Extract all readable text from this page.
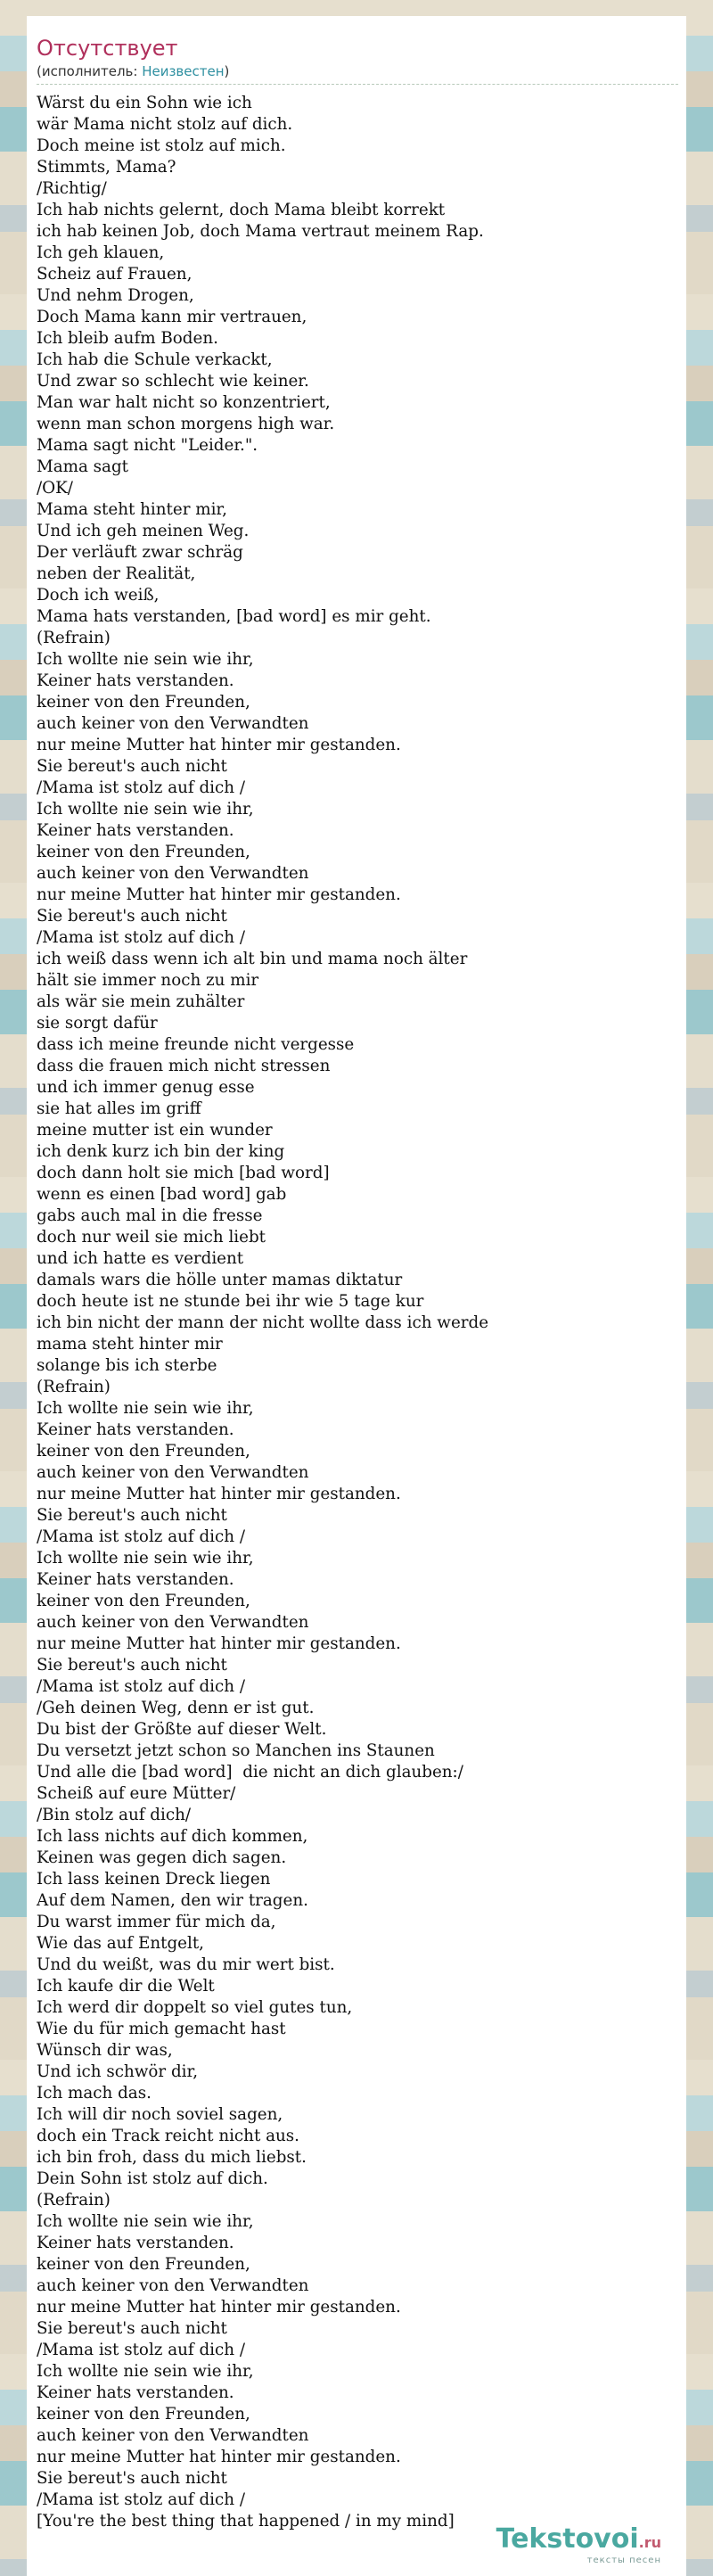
Отсутствует
(исполнитель: Неизвестен)
Wärst du ein Sohn wie ich
wär Mama nicht stolz auf dich.
Doch meine ist stolz auf mich.
Stimmts, Mama?
/Richtig/
Ich hab nichts gelernt, doch Mama bleibt korrekt
ich hab keinen Job, doch Mama vertraut meinem Rap.
Ich geh klauen,
Scheiz auf Frauen,
Und nehm Drogen,
Doch Mama kann mir vertrauen,
Ich bleib aufm Boden.
Ich hab die Schule verkackt,
Und zwar so schlecht wie keiner.
Man war halt nicht so konzentriert,
wenn man schon morgens high war.
Mama sagt nicht "Leider.".
Mama sagt
/OK/
Mama steht hinter mir,
Und ich geh meinen Weg.
Der verläuft zwar schräg
neben der Realität,
Doch ich weiß,
Mama hats verstanden, [bad word] es mir geht.
(Refrain)
Ich wollte nie sein wie ihr,
Keiner hats verstanden.
keiner von den Freunden,
auch keiner von den Verwandten
nur meine Mutter hat hinter mir gestanden.
Sie bereut's auch nicht
/Mama ist stolz auf dich /
Ich wollte nie sein wie ihr,
Keiner hats verstanden.
keiner von den Freunden,
auch keiner von den Verwandten
nur meine Mutter hat hinter mir gestanden.
Sie bereut's auch nicht
/Mama ist stolz auf dich /
ich weiß dass wenn ich alt bin und mama noch älter
hält sie immer noch zu mir
als wär sie mein zuhälter
sie sorgt dafür
dass ich meine freunde nicht vergesse
dass die frauen mich nicht stressen
und ich immer genug esse
sie hat alles im griff
meine mutter ist ein wunder
ich denk kurz ich bin der king
doch dann holt sie mich [bad word]
wenn es einen [bad word] gab
gabs auch mal in die fresse
doch nur weil sie mich liebt
und ich hatte es verdient
damals wars die hölle unter mamas diktatur
doch heute ist ne stunde bei ihr wie 5 tage kur
ich bin nicht der mann der nicht wollte dass ich werde
mama steht hinter mir
solange bis ich sterbe
(Refrain)
Ich wollte nie sein wie ihr,
Keiner hats verstanden.
keiner von den Freunden,
auch keiner von den Verwandten
nur meine Mutter hat hinter mir gestanden.
Sie bereut's auch nicht
/Mama ist stolz auf dich /
Ich wollte nie sein wie ihr,
Keiner hats verstanden.
keiner von den Freunden,
auch keiner von den Verwandten
nur meine Mutter hat hinter mir gestanden.
Sie bereut's auch nicht
/Mama ist stolz auf dich /
/Geh deinen Weg, denn er ist gut.
Du bist der Größte auf dieser Welt.
Du versetzt jetzt schon so Manchen ins Staunen
Und alle die [bad word]  die nicht an dich glauben:/
Scheiß auf eure Mütter/
/Bin stolz auf dich/
Ich lass nichts auf dich kommen,
Keinen was gegen dich sagen.
Ich lass keinen Dreck liegen
Auf dem Namen, den wir tragen.
Du warst immer für mich da,
Wie das auf Entgelt,
Und du weißt, was du mir wert bist.
Ich kaufe dir die Welt
Ich werd dir doppelt so viel gutes tun,
Wie du für mich gemacht hast
Wünsch dir was,
Und ich schwör dir,
Ich mach das.
Ich will dir noch soviel sagen,
doch ein Track reicht nicht aus.
ich bin froh, dass du mich liebst.
Dein Sohn ist stolz auf dich.
(Refrain)
Ich wollte nie sein wie ihr,
Keiner hats verstanden.
keiner von den Freunden,
auch keiner von den Verwandten
nur meine Mutter hat hinter mir gestanden.
Sie bereut's auch nicht
/Mama ist stolz auf dich /
Ich wollte nie sein wie ihr,
Keiner hats verstanden.
keiner von den Freunden,
auch keiner von den Verwandten
nur meine Mutter hat hinter mir gestanden.
Sie bereut's auch nicht
/Mama ist stolz auf dich /
[You're the best thing that happened / in my mind]
Tekstovoi.ru
тексты песен
